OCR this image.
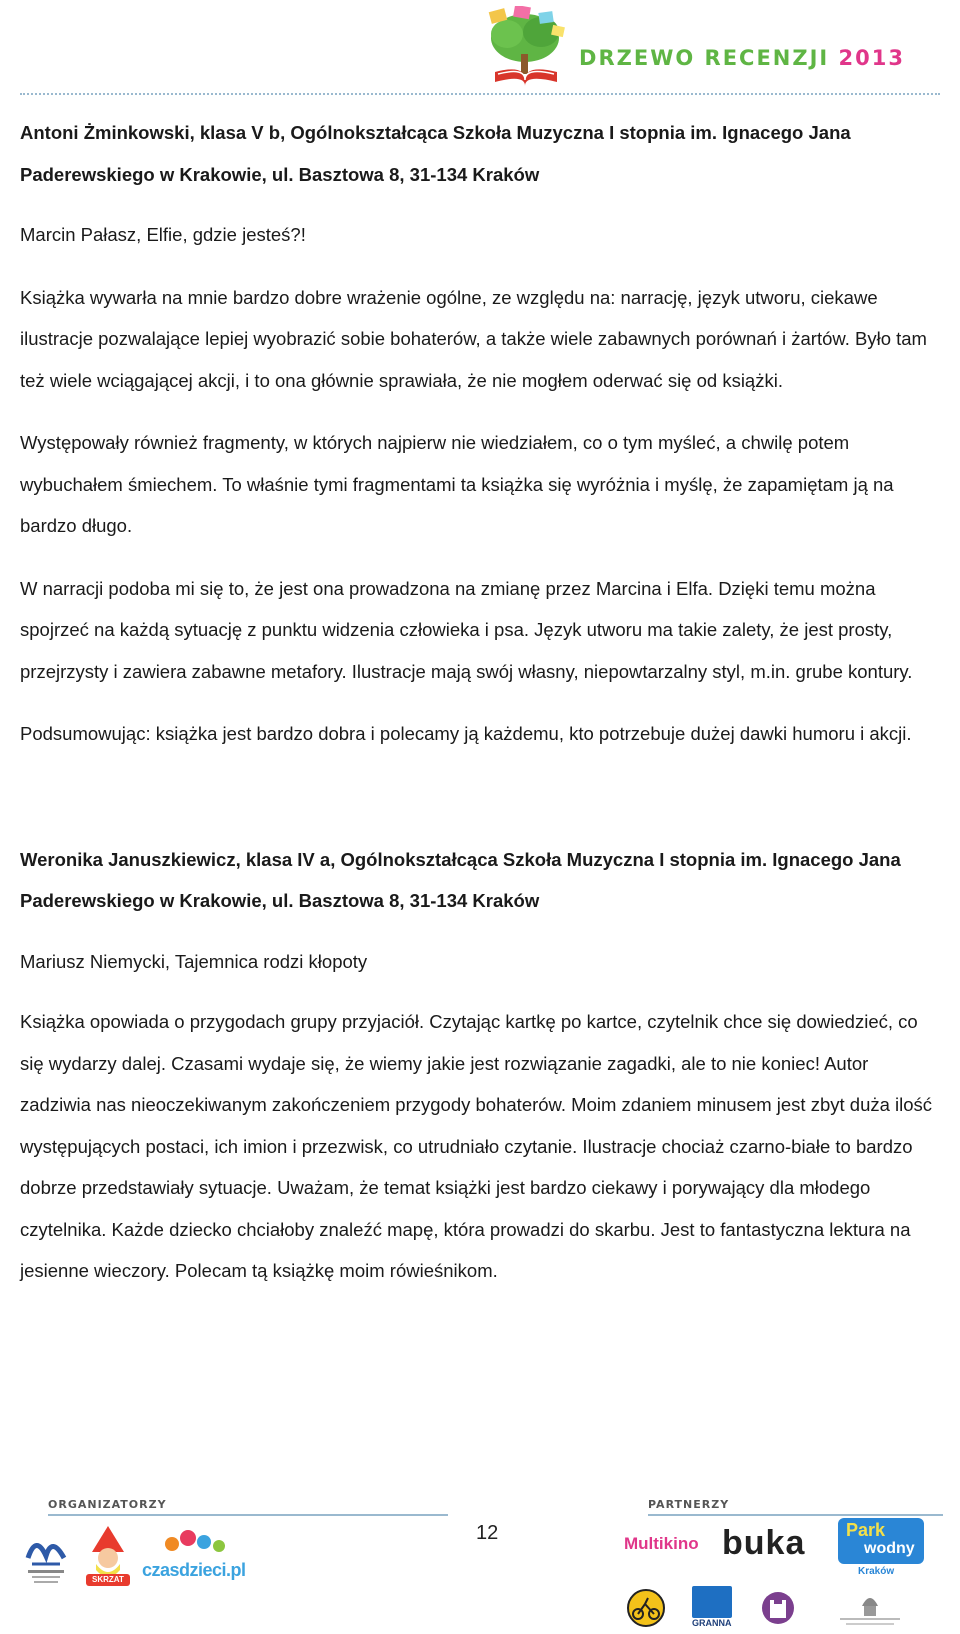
DRZEWO RECENZJI 2013

Antoni Żminkowski, klasa V b, Ogólnokształcąca Szkoła Muzyczna I stopnia im. Ignacego Jana

Paderewskiego w Krakowie, ul. Basztowa 8, 31-134 Kraków

Marcin Pałasz, Elfie, gdzie jesteś?!

Książka wywarła na mnie bardzo dobre wrażenie ogólne, ze względu na: narrację, język utworu, ciekawe ilustracje pozwalające lepiej wyobrazić sobie bohaterów, a także wiele zabawnych porównań i żartów. Było tam też wiele wciągającej akcji, i to ona głównie sprawiała, że nie mogłem oderwać się od książki.

Występowały również fragmenty, w których najpierw nie wiedziałem, co o tym myśleć, a chwilę potem wybuchałem śmiechem. To właśnie tymi fragmentami ta książka się wyróżnia i myślę, że zapamiętam ją na bardzo długo.

W narracji podoba mi się to, że jest ona prowadzona na zmianę przez Marcina i Elfa. Dzięki temu można spojrzeć na każdą sytuację z punktu widzenia człowieka i psa. Język utworu ma takie zalety, że jest prosty, przejrzysty i zawiera zabawne metafory. Ilustracje mają swój własny, niepowtarzalny styl, m.in. grube kontury.

Podsumowując: książka jest bardzo dobra i polecamy ją każdemu, kto potrzebuje dużej dawki humoru i akcji.

Weronika Januszkiewicz, klasa IV a, Ogólnokształcąca Szkoła Muzyczna I stopnia im. Ignacego Jana

Paderewskiego w Krakowie, ul. Basztowa 8, 31-134 Kraków

Mariusz Niemycki, Tajemnica rodzi kłopoty

Książka opowiada o przygodach grupy przyjaciół. Czytając kartkę po kartce, czytelnik chce się dowiedzieć, co się wydarzy dalej. Czasami wydaje się, że wiemy jakie jest rozwiązanie zagadki, ale to nie koniec! Autor zadziwia nas nieoczekiwanym zakończeniem przygody bohaterów. Moim zdaniem minusem jest zbyt duża ilość występujących postaci, ich imion i przezwisk, co utrudniało czytanie. Ilustracje chociaż czarno-białe to bardzo dobrze przedstawiały sytuacje. Uważam, że temat książki jest bardzo ciekawy i porywający dla młodego czytelnika. Każde dziecko chciałoby znaleźć mapę, która prowadzi do skarbu. Jest to fantastyczna lektura na jesienne wieczory. Polecam tą książkę moim rówieśnikom.

ORGANIZATORZY	PARTNERZY
12
SKRZAT czasdzieci.pl
Multikino buka Park
wodny
Kraków
GRANNA
